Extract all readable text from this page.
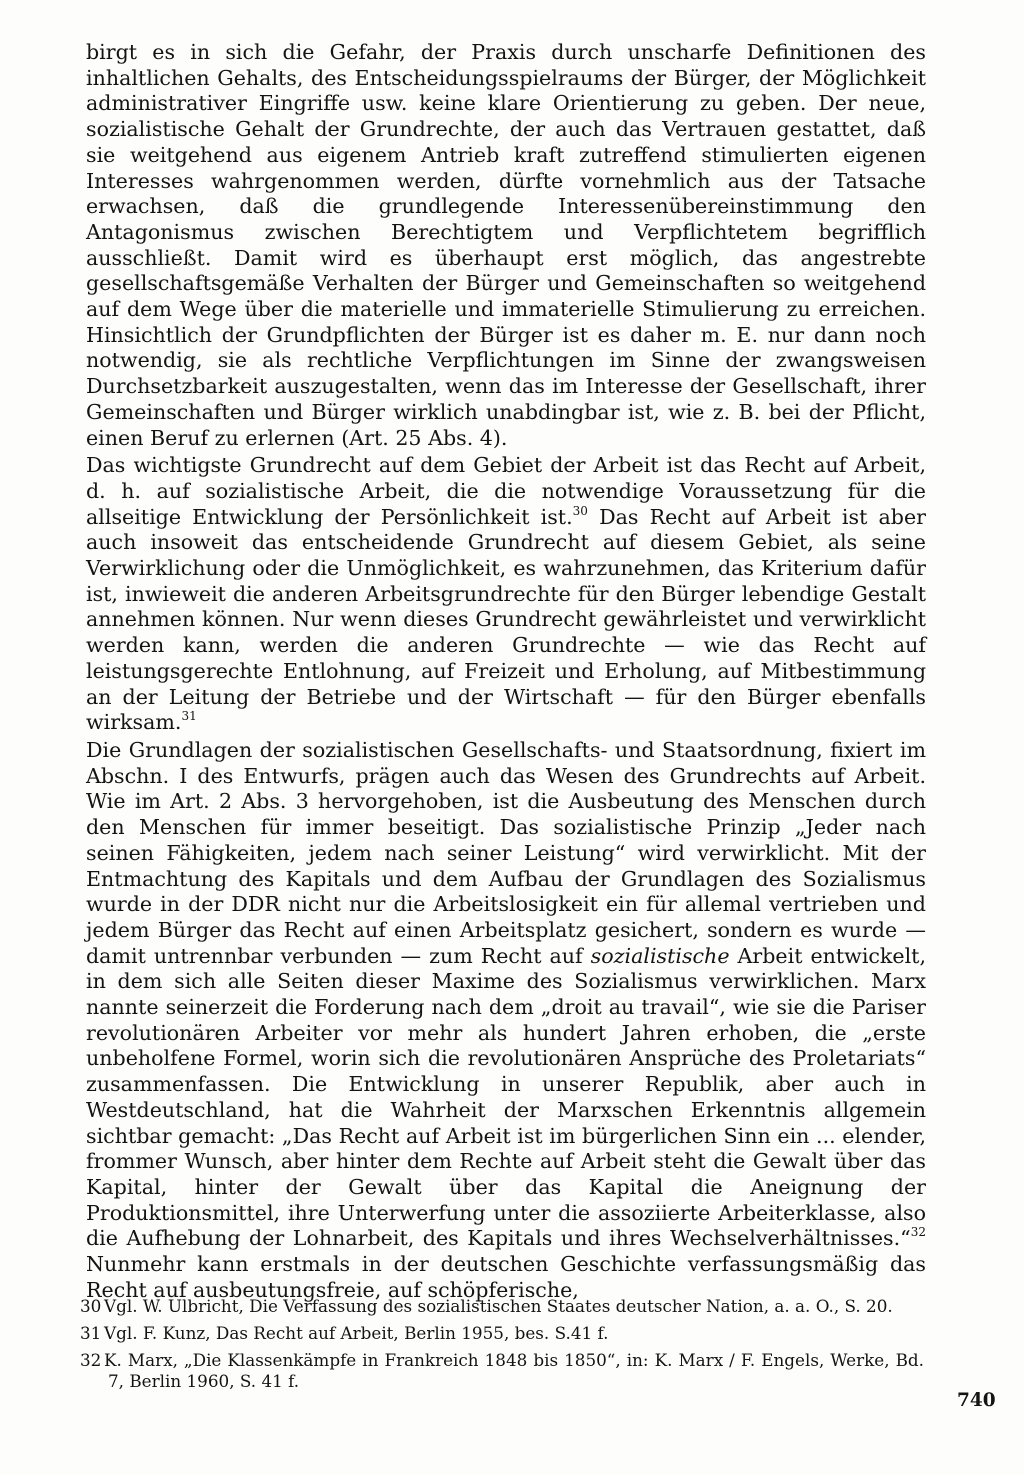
birgt es in sich die Gefahr, der Praxis durch unscharfe Definitionen des inhaltlichen Gehalts, des Entscheidungsspielraums der Bürger, der Möglichkeit administrativer Eingriffe usw. keine klare Orientierung zu geben. Der neue, sozialistische Gehalt der Grundrechte, der auch das Vertrauen gestattet, daß sie weitgehend aus eigenem Antrieb kraft zutreffend stimulierten eigenen Interesses wahrgenommen werden, dürfte vornehmlich aus der Tatsache erwachsen, daß die grundlegende Interessenübereinstimmung den Antagonismus zwischen Berechtigtem und Verpflichtetem begrifflich ausschließt. Damit wird es überhaupt erst möglich, das angestrebte gesellschaftsgemäße Verhalten der Bürger und Gemeinschaften so weitgehend auf dem Wege über die materielle und immaterielle Stimulierung zu erreichen. Hinsichtlich der Grundpflichten der Bürger ist es daher m. E. nur dann noch notwendig, sie als rechtliche Verpflichtungen im Sinne der zwangsweisen Durchsetzbarkeit auszugestalten, wenn das im Interesse der Gesellschaft, ihrer Gemeinschaften und Bürger wirklich unabdingbar ist, wie z. B. bei der Pflicht, einen Beruf zu erlernen (Art. 25 Abs. 4).

Das wichtigste Grundrecht auf dem Gebiet der Arbeit ist das Recht auf Arbeit, d. h. auf sozialistische Arbeit, die die notwendige Voraussetzung für die allseitige Entwicklung der Persönlichkeit ist.$^{30}$ Das Recht auf Arbeit ist aber auch insoweit das entscheidende Grundrecht auf diesem Gebiet, als seine Verwirklichung oder die Unmöglichkeit, es wahrzunehmen, das Kriterium dafür ist, inwieweit die anderen Arbeitsgrundrechte für den Bürger lebendige Gestalt annehmen können. Nur wenn dieses Grundrecht gewährleistet und verwirklicht werden kann, werden die anderen Grundrechte — wie das Recht auf leistungsgerechte Entlohnung, auf Freizeit und Erholung, auf Mitbestimmung an der Leitung der Betriebe und der Wirtschaft — für den Bürger ebenfalls wirksam.$^{31}$

Die Grundlagen der sozialistischen Gesellschafts- und Staatsordnung, fixiert im Abschn. I des Entwurfs, prägen auch das Wesen des Grundrechts auf Arbeit. Wie im Art. 2 Abs. 3 hervorgehoben, ist die Ausbeutung des Menschen durch den Menschen für immer beseitigt. Das sozialistische Prinzip „Jeder nach seinen Fähigkeiten, jedem nach seiner Leistung“ wird verwirklicht. Mit der Entmachtung des Kapitals und dem Aufbau der Grundlagen des Sozialismus wurde in der DDR nicht nur die Arbeitslosigkeit ein für allemal vertrieben und jedem Bürger das Recht auf einen Arbeitsplatz gesichert, sondern es wurde — damit untrennbar verbunden — zum Recht auf sozialistische Arbeit entwickelt, in dem sich alle Seiten dieser Maxime des Sozialismus verwirklichen. Marx nannte seinerzeit die Forderung nach dem „droit au travail“, wie sie die Pariser revolutionären Arbeiter vor mehr als hundert Jahren erhoben, die „erste unbeholfene Formel, worin sich die revolutionären Ansprüche des Proletariats“ zusammenfassen. Die Entwicklung in unserer Republik, aber auch in Westdeutschland, hat die Wahrheit der Marxschen Erkenntnis allgemein sichtbar gemacht: „Das Recht auf Arbeit ist im bürgerlichen Sinn ein ... elender, frommer Wunsch, aber hinter dem Rechte auf Arbeit steht die Gewalt über das Kapital, hinter der Gewalt über das Kapital die Aneignung der Produktionsmittel, ihre Unterwerfung unter die assoziierte Arbeiterklasse, also die Aufhebung der Lohnarbeit, des Kapitals und ihres Wechselverhältnisses.“$^{32}$ Nunmehr kann erstmals in der deutschen Geschichte verfassungsmäßig das Recht auf ausbeutungsfreie, auf schöpferische,

30 Vgl. W. Ulbricht, Die Verfassung des sozialistischen Staates deutscher Nation, a. a. O., S. 20.

31 Vgl. F. Kunz, Das Recht auf Arbeit, Berlin 1955, bes. S.41 f.

32 K. Marx, „Die Klassenkämpfe in Frankreich 1848 bis 1850“, in: K. Marx / F. Engels, Werke, Bd. 7, Berlin 1960, S. 41 f.

740
